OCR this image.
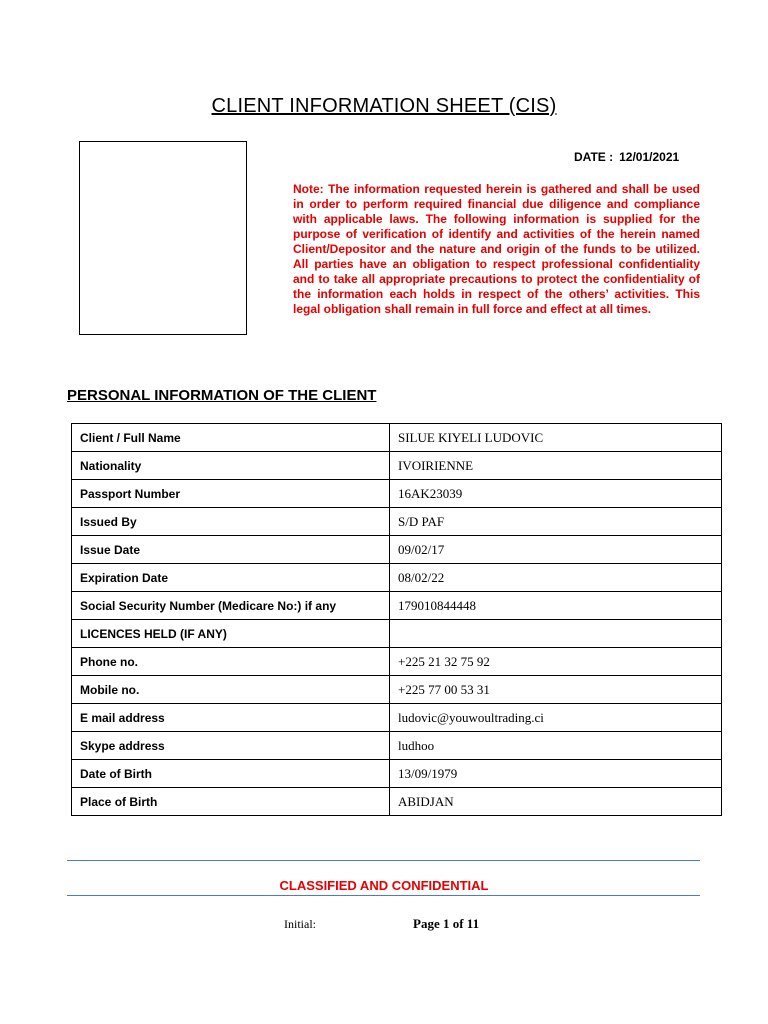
CLIENT INFORMATION SHEET (CIS)
DATE : 12/01/2021
Note: The information requested herein is gathered and shall be used in order to perform required financial due diligence and compliance with applicable laws. The following information is supplied for the purpose of verification of identify and activities of the herein named Client/Depositor and the nature and origin of the funds to be utilized. All parties have an obligation to respect professional confidentiality and to take all appropriate precautions to protect the confidentiality of the information each holds in respect of the others’ activities. This legal obligation shall remain in full force and effect at all times.
PERSONAL INFORMATION OF THE CLIENT
Client / Full Name	SILUE KIYELI LUDOVIC
Nationality	IVOIRIENNE
Passport Number	16AK23039
Issued By	S/D PAF
Issue Date	09/02/17
Expiration Date	08/02/22
Social Security Number (Medicare No:) if any	179010844448
LICENCES HELD (IF ANY)	
Phone no.	+225 21 32 75 92
Mobile no.	+225 77 00 53 31
E mail address	ludovic@youwoultrading.ci
Skype address	ludhoo
Date of Birth	13/09/1979
Place of Birth	ABIDJAN
CLASSIFIED AND CONFIDENTIAL
Initial:	Page 1 of 11
